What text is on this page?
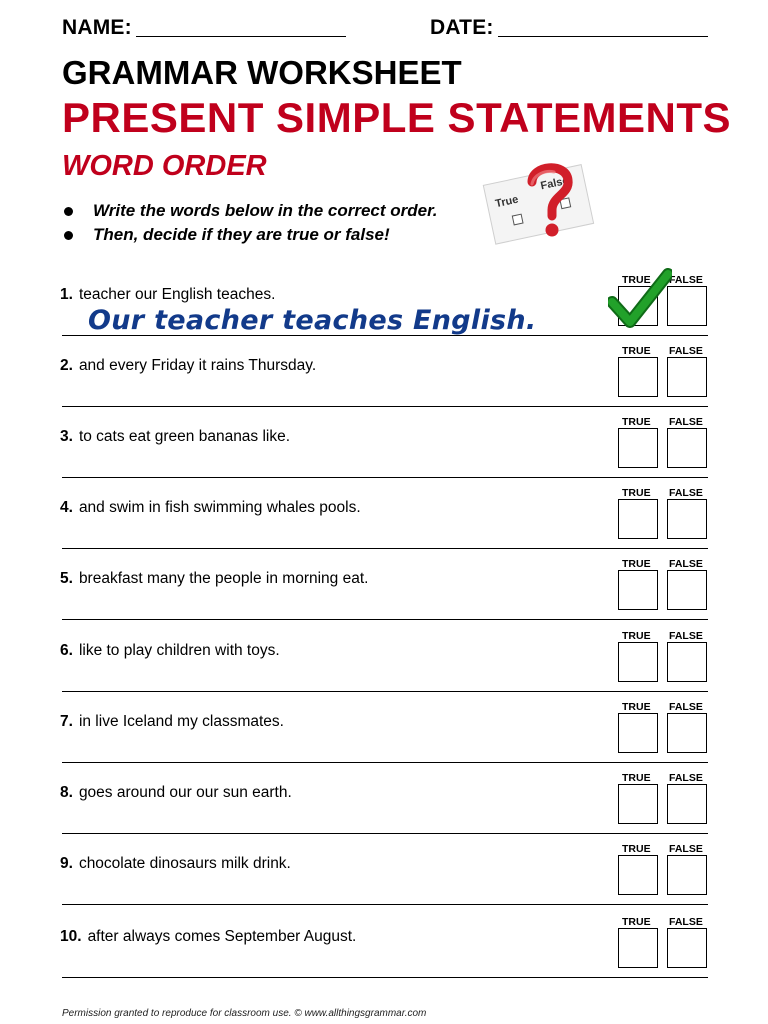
NAME:	DATE:
GRAMMAR WORKSHEET
PRESENT SIMPLE STATEMENTS
WORD ORDER
Write the words below in the correct order.
Then, decide if they are true or false!
True
False
1. teacher our English teaches.
TRUE FALSE
2. and every Friday it rains Thursday.
TRUE FALSE
3. to cats eat green bananas like.
TRUE FALSE
4. and swim in fish swimming whales pools.
TRUE FALSE
5. breakfast many the people in morning eat.
TRUE FALSE
6. like to play children with toys.
TRUE FALSE
7. in live Iceland my classmates.
TRUE FALSE
8. goes around our our sun earth.
TRUE FALSE
9. chocolate dinosaurs milk drink.
TRUE FALSE
10. after always comes September August.
TRUE FALSE
Our teacher teaches English.
Permission granted to reproduce for classroom use. © www.allthingsgrammar.com
